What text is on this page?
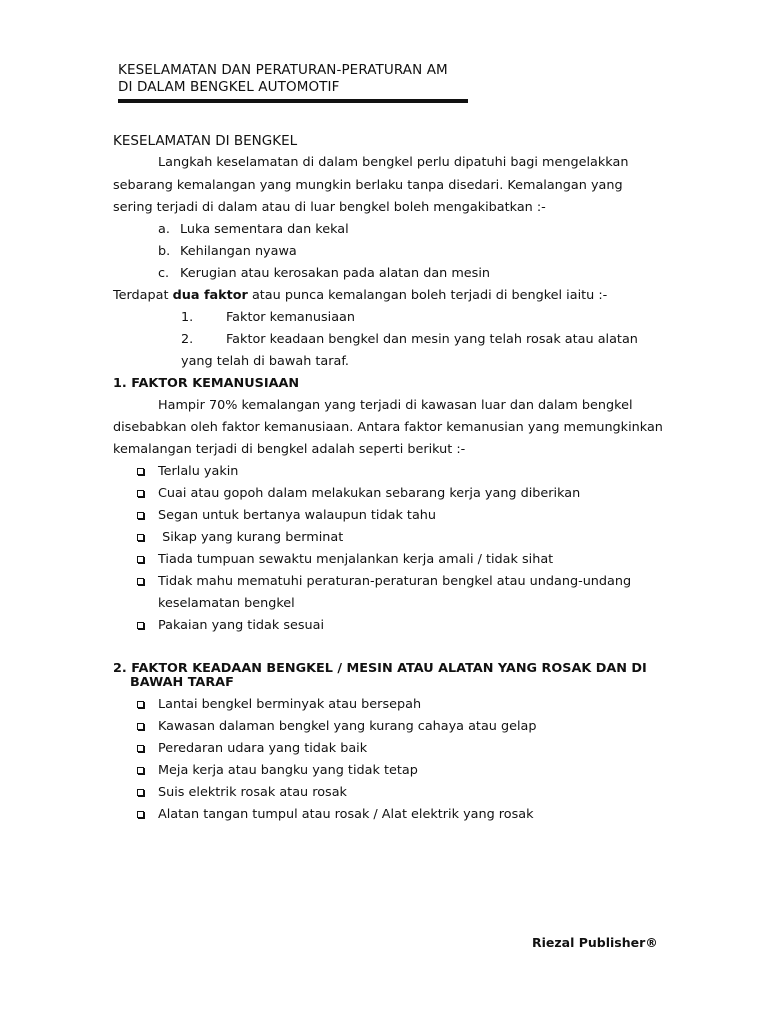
KESELAMATAN DAN PERATURAN-PERATURAN AM
DI DALAM BENGKEL AUTOMOTIF
KESELAMATAN DI BENGKEL
Langkah keselamatan di dalam bengkel perlu dipatuhi bagi mengelakkan
sebarang kemalangan yang mungkin berlaku tanpa disedari. Kemalangan yang
sering terjadi di dalam atau di luar bengkel boleh mengakibatkan :-
a. Luka sementara dan kekal
b. Kehilangan nyawa
c. Kerugian atau kerosakan pada alatan dan mesin
Terdapat dua faktor atau punca kemalangan boleh terjadi di bengkel iaitu :-
1.	Faktor kemanusiaan
2.	Faktor keadaan bengkel dan mesin yang telah rosak atau alatan
yang telah di bawah taraf.
1. FAKTOR KEMANUSIAAN
Hampir 70% kemalangan yang terjadi di kawasan luar dan dalam bengkel
disebabkan oleh faktor kemanusiaan. Antara faktor kemanusian yang memungkinkan
kemalangan terjadi di bengkel adalah seperti berikut :-
Terlalu yakin
Cuai atau gopoh dalam melakukan sebarang kerja yang diberikan
Segan untuk bertanya walaupun tidak tahu
Sikap yang kurang berminat
Tiada tumpuan sewaktu menjalankan kerja amali / tidak sihat
Tidak mahu mematuhi peraturan-peraturan bengkel atau undang-undang
keselamatan bengkel
Pakaian yang tidak sesuai
2. FAKTOR KEADAAN BENGKEL / MESIN ATAU ALATAN YANG ROSAK DAN DI
BAWAH TARAF
Lantai bengkel berminyak atau bersepah
Kawasan dalaman bengkel yang kurang cahaya atau gelap
Peredaran udara yang tidak baik
Meja kerja atau bangku yang tidak tetap
Suis elektrik rosak atau rosak
Alatan tangan tumpul atau rosak / Alat elektrik yang rosak
Riezal Publisher®
